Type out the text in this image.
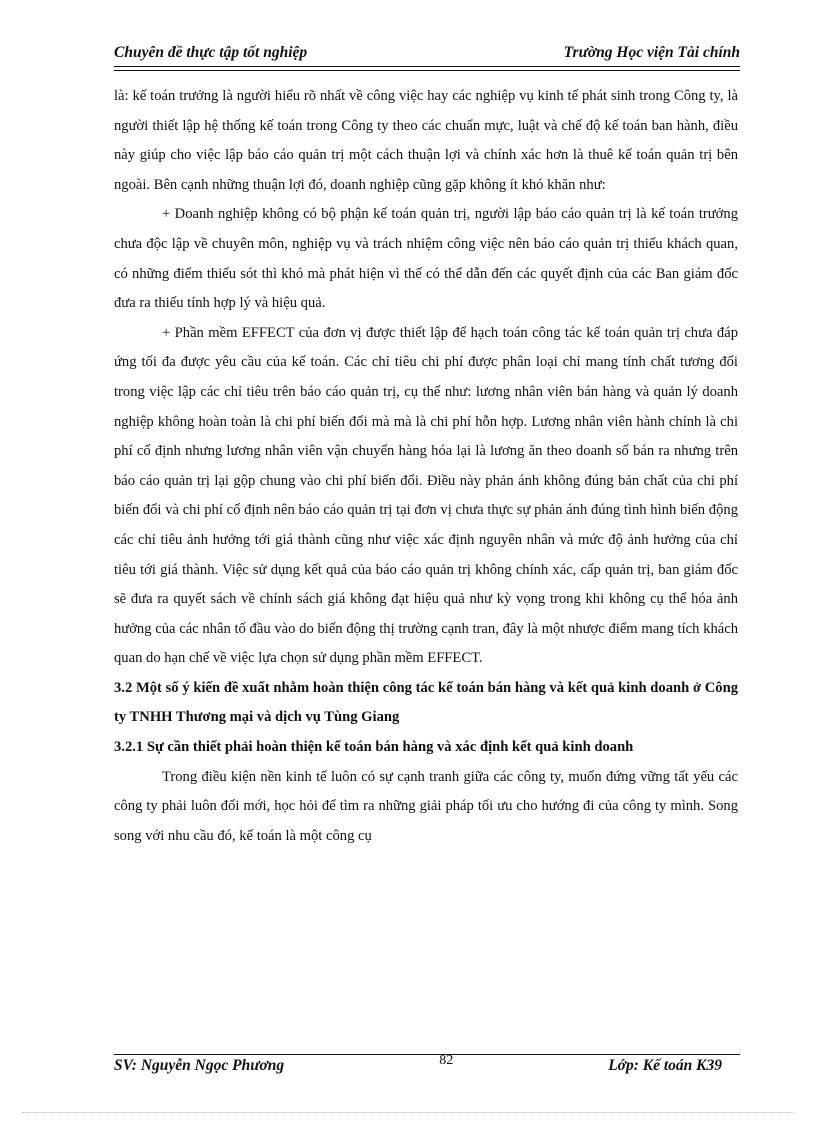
Chuyên đề thực tập tốt nghiệp	Trường Học viện Tài chính

là: kế toán trưởng là người hiểu rõ nhất về công việc hay các nghiệp vụ kinh tế phát sinh trong Công ty, là người thiết lập hệ thống kế toán trong Công ty theo các chuẩn mực, luật và chế độ kế toán ban hành, điều này giúp cho việc lập báo cáo quản trị một cách thuận lợi và chính xác hơn là thuê kế toán quản trị bên ngoài. Bên cạnh những thuận lợi đó, doanh nghiệp cũng gặp không ít khó khăn như:

+ Doanh nghiệp không có bộ phận kế toán quản trị, người lập báo cáo quản trị là kế toán trưởng chưa độc lập về chuyên môn, nghiệp vụ và trách nhiệm công việc nên báo cáo quản trị thiếu khách quan, có những điểm thiếu sót thì khó mà phát hiện vì thế có thể dẫn đến các quyết định của các Ban giám đốc đưa ra thiếu tính hợp lý và hiệu quả.

+ Phần mềm EFFECT của đơn vị được thiết lập để hạch toán công tác kế toán quản trị chưa đáp ứng tối đa được yêu cầu của kế toán. Các chỉ tiêu chi phí được phân loại chỉ mang tính chất tương đối trong việc lập các chỉ tiêu trên báo cáo quản trị, cụ thể như: lương nhân viên bán hàng và quản lý doanh nghiệp không hoàn toàn là chi phí biến đổi mà mà là chi phí hỗn hợp. Lương nhân viên hành chính là chi phí cố định nhưng lương nhân viên vận chuyển hàng hóa lại là lương ăn theo doanh số bán ra nhưng trên báo cáo quản trị lại gộp chung vào chi phí biến đổi. Điều này phản ánh không đúng bản chất của chi phí biến đổi và chi phí cố định nên báo cáo quản trị tại đơn vị chưa thực sự phản ánh đúng tình hình biến động các chỉ tiêu ảnh hưởng tới giá thành cũng như việc xác định nguyên nhân và mức độ ảnh hưởng của chỉ tiêu tới giá thành. Việc sử dụng kết quả của báo cáo quản trị không chính xác, cấp quản trị, ban giám đốc sẽ đưa ra quyết sách về chính sách giá không đạt hiệu quả như kỳ vọng trong khi không cụ thể hóa ảnh hưởng của các nhân tố đầu vào do biến động thị trường cạnh tran, đây là một nhược điểm mang tích khách quan do hạn chế về việc lựa chọn sử dụng phần mềm EFFECT.

3.2 Một số ý kiến đề xuất nhằm hoàn thiện công tác kế toán bán hàng và kết quả kinh doanh ở Công ty TNHH Thương mại và dịch vụ Tùng Giang

3.2.1 Sự cần thiết phải hoàn thiện kế toán bán hàng và xác định kết quả kinh doanh

Trong điều kiện nền kinh tế luôn có sự cạnh tranh giữa các công ty, muốn đứng vững tất yếu các công ty phải luôn đổi mới, học hỏi để tìm ra những giải pháp tối ưu cho hướng đi của công ty mình. Song song với nhu cầu đó, kế toán là một công cụ

SV: Nguyễn Ngọc Phương	82	Lớp: Kế toán K39
